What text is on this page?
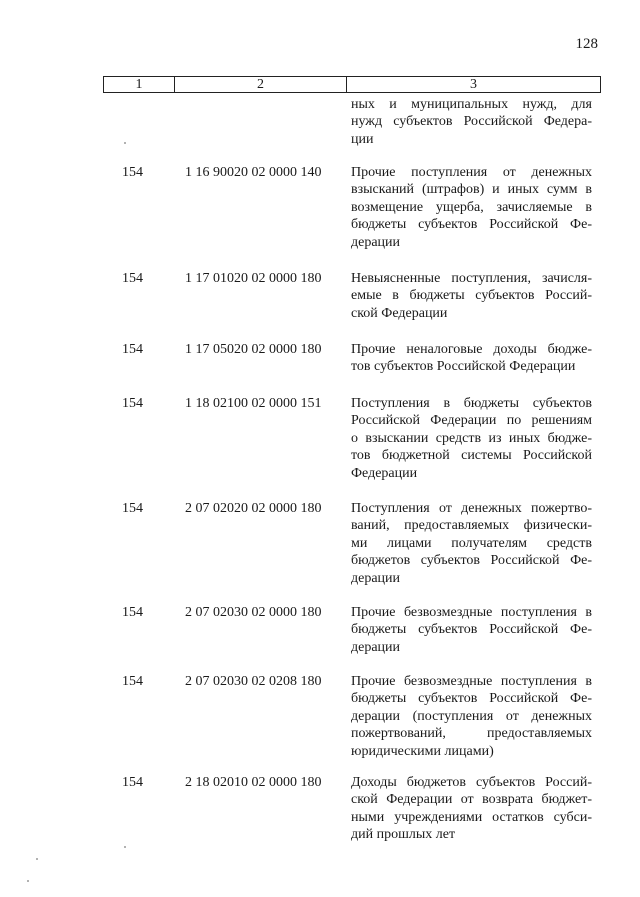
128
1	2	3
ных и муниципальных нужд, для
нужд субъектов Российской Федера-
ции
154	1 16 90020 02 0000 140	Прочие поступления от денежных
взысканий (штрафов) и иных сумм в
возмещение ущерба, зачисляемые в
бюджеты субъектов Российской Фе-
дерации
154	1 17 01020 02 0000 180	Невыясненные поступления, зачисля-
емые в бюджеты субъектов Россий-
ской Федерации
154	1 17 05020 02 0000 180	Прочие неналоговые доходы бюдже-
тов субъектов Российской Федерации
154	1 18 02100 02 0000 151	Поступления в бюджеты субъектов
Российской Федерации по решениям
о взыскании средств из иных бюдже-
тов бюджетной системы Российской
Федерации
154	2 07 02020 02 0000 180	Поступления от денежных пожертво-
ваний, предоставляемых физически-
ми лицами получателям средств
бюджетов субъектов Российской Фе-
дерации
154	2 07 02030 02 0000 180	Прочие безвозмездные поступления в
бюджеты субъектов Российской Фе-
дерации
154	2 07 02030 02 0208 180	Прочие безвозмездные поступления в
бюджеты субъектов Российской Фе-
дерации (поступления от денежных
пожертвований, предоставляемых
юридическими лицами)
154	2 18 02010 02 0000 180	Доходы бюджетов субъектов Россий-
ской Федерации от возврата бюджет-
ными учреждениями остатков субси-
дий прошлых лет
